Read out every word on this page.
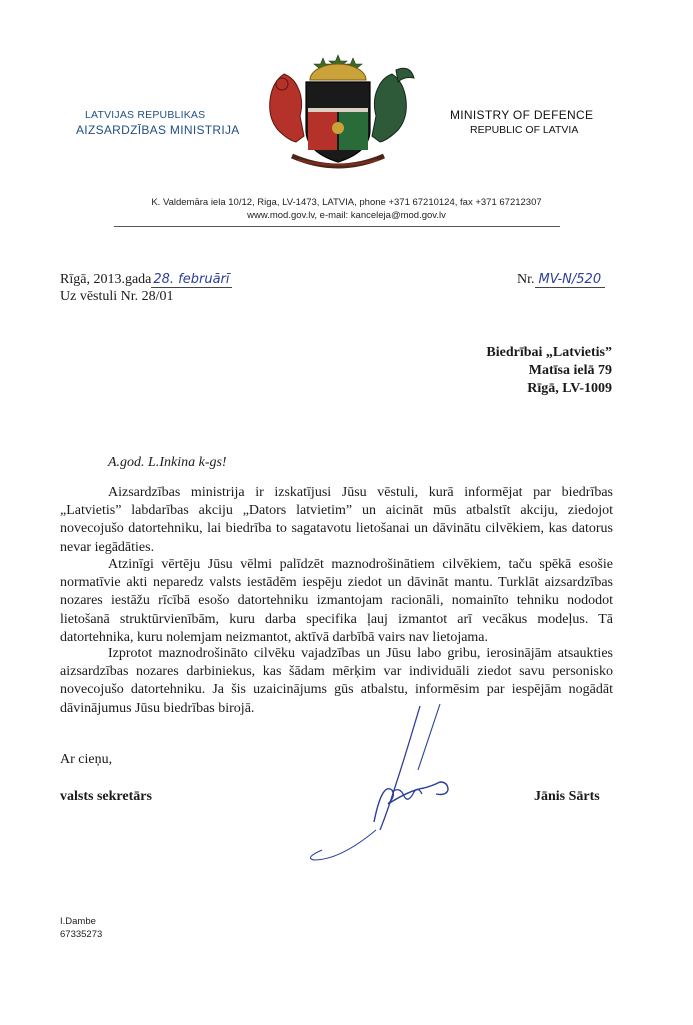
LATVIJAS REPUBLIKAS
AIZSARDZĪBAS MINISTRIJA
MINISTRY OF DEFENCE
REPUBLIC OF LATVIA
K. Valdemāra iela 10/12, Riga, LV-1473, LATVIA, phone +371 67210124, fax +371 67212307
www.mod.gov.lv, e-mail: kanceleja@mod.gov.lv
Rīgā, 2013.gada 28. februārī
Uz vēstuli Nr. 28/01
Nr. MV-N/520
Biedrībai „Latvietis”
Matīsa ielā 79
Rīgā, LV-1009
A.god. L.Inkina k-gs!
Aizsardzības ministrija ir izskatījusi Jūsu vēstuli, kurā informējat par biedrības „Latvietis” labdarības akciju „Dators latvietim” un aicināt mūs atbalstīt akciju, ziedojot novecojušo datortehniku, lai biedrība to sagatavotu lietošanai un dāvinātu cilvēkiem, kas datorus nevar iegādāties.
Atzinīgi vērtēju Jūsu vēlmi palīdzēt maznodrošinātiem cilvēkiem, taču spēkā esošie normatīvie akti neparedz valsts iestādēm iespēju ziedot un dāvināt mantu. Turklāt aizsardzības nozares iestāžu rīcībā esošo datortehniku izmantojam racionāli, nomainīto tehniku nododot lietošanā struktūrvienībām, kuru darba specifika ļauj izmantot arī vecākus modeļus. Tā datortehnika, kuru nolemjam neizmantot, aktīvā darbībā vairs nav lietojama.
Izprotot maznodrošināto cilvēku vajadzības un Jūsu labo gribu, ierosinājām atsaukties aizsardzības nozares darbiniekus, kas šādam mērķim var individuāli ziedot savu personisko novecojušo datortehniku. Ja šis uzaicinājums gūs atbalstu, informēsim par iespējām nogādāt dāvinājumus Jūsu biedrības birojā.
Ar cieņu,
valsts sekretārs	Jānis Sārts
I.Dambe
67335273
